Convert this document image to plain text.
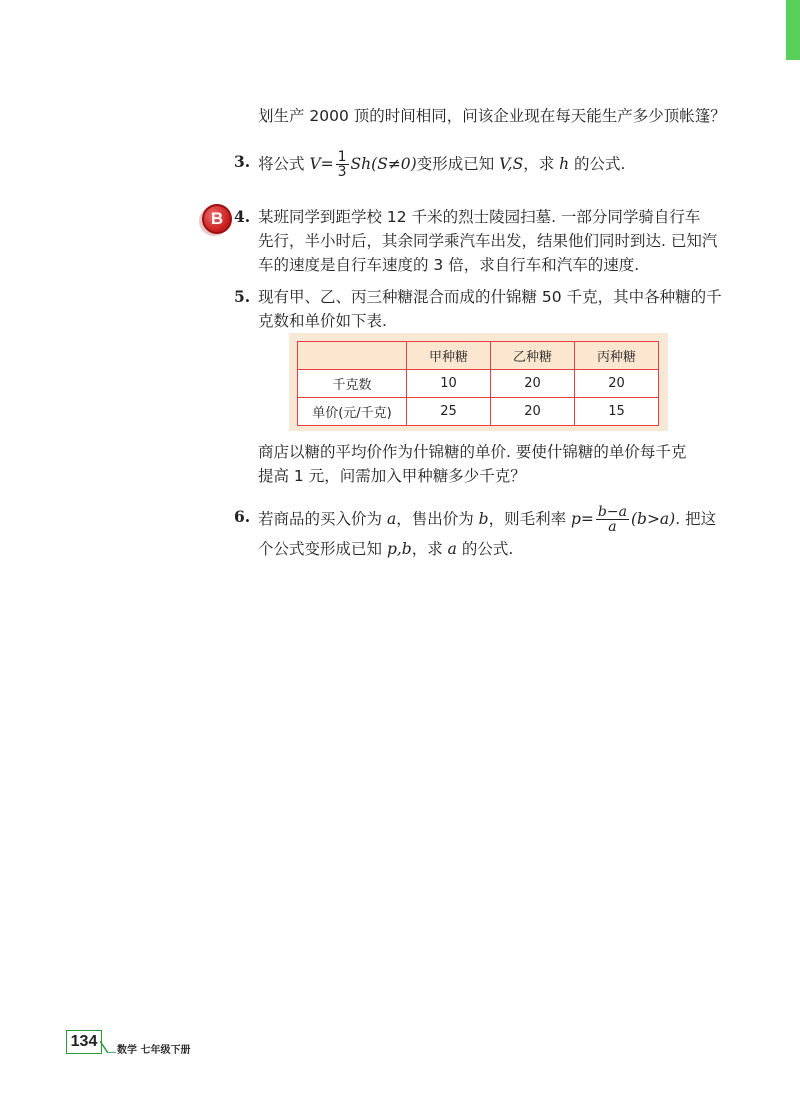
划生产 2000 顶的时间相同，问该企业现在每天能生产多少顶帐篷？
3. 将公式 $V= \frac{1}{3} Sh(S\ne 0)$变形成已知 V,S，求 h 的公式.
B 4. 某班同学到距学校 12 千米的烈士陵园扫墓. 一部分同学骑自行车
先行，半小时后，其余同学乘汽车出发，结果他们同时到达. 已知汽
车的速度是自行车速度的 3 倍，求自行车和汽车的速度.
5. 现有甲、乙、丙三种糖混合而成的什锦糖 50 千克，其中各种糖的千
克数和单价如下表.
	甲种糖	乙种糖	丙种糖
千克数	10	20	20
单价(元/千克)	25	20	15
商店以糖的平均价作为什锦糖的单价. 要使什锦糖的单价每千克
提高 1 元，问需加入甲种糖多少千克？
6. 若商品的买入价为 a，售出价为 b，则毛利率 $p= \frac{b-a}{a} (b>a)$. 把这
个公式变形成已知 p,b，求 a 的公式.
134
数学 七年级下册
